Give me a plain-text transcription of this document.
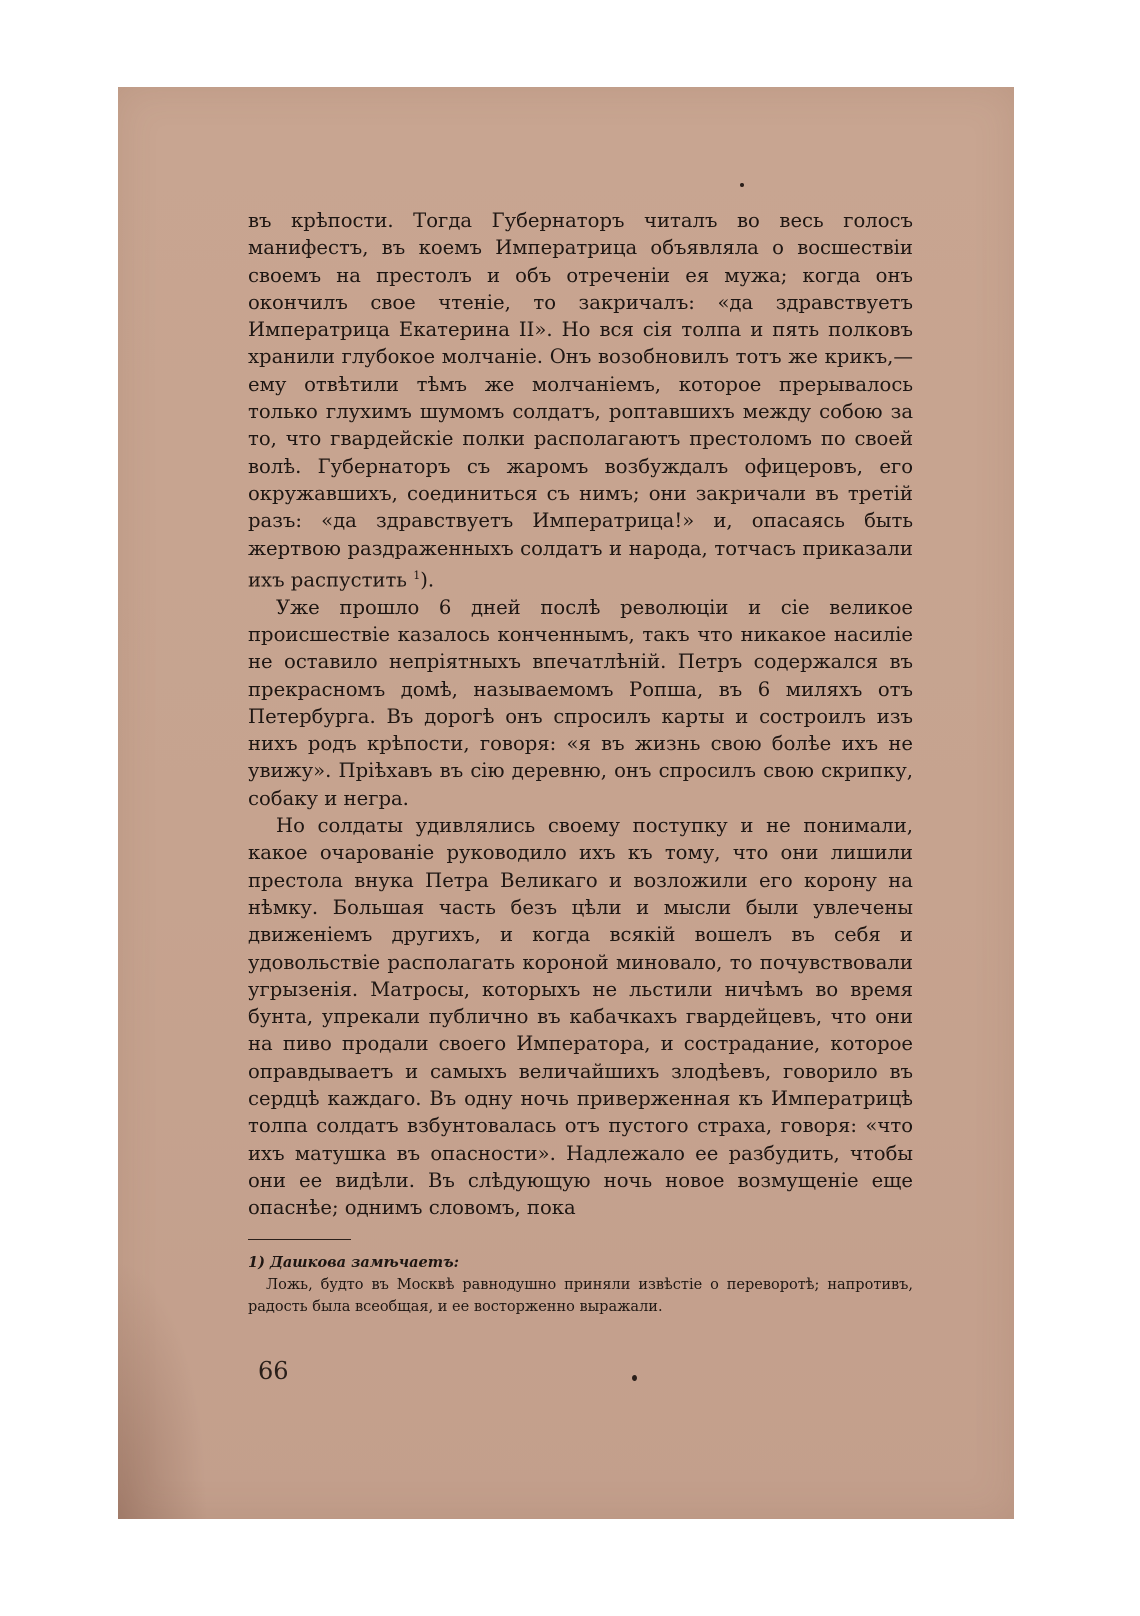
въ крѣпости. Тогда Губернаторъ читалъ во весь голосъ манифестъ, въ коемъ Императрица объявляла о восшествiи своемъ на престолъ и объ отреченiи ея мужа; когда онъ окончилъ свое чтенiе, то закричалъ: «да здравствуетъ Императрица Екатерина II». Но вся сiя толпа и пять полковъ хранили глубокое молчанiе. Онъ возобновилъ тотъ же крикъ,—ему отвѣтили тѣмъ же молчанiемъ, которое прерывалось только глухимъ шумомъ солдатъ, роптавшихъ между собою за то, что гвардейскiе полки располагаютъ престоломъ по своей волѣ. Губернаторъ съ жаромъ возбуждалъ офицеровъ, его окружавшихъ, соединиться съ нимъ; они закричали въ третiй разъ: «да здравствуетъ Императрица!» и, опасаясь быть жертвою раздраженныхъ солдатъ и народа, тотчасъ приказали ихъ распустить $^1$).

Уже прошло 6 дней послѣ революцiи и сiе великое происшествiе казалось конченнымъ, такъ что никакое насилiе не оставило непрiятныхъ впечатлѣнiй. Петръ содержался въ прекрасномъ домѣ, называемомъ Ропша, въ 6 миляхъ отъ Петербурга. Въ дорогѣ онъ спросилъ карты и состроилъ изъ нихъ родъ крѣпости, говоря: «я въ жизнь свою болѣе ихъ не увижу». Прiѣхавъ въ сiю деревню, онъ спросилъ свою скрипку, собаку и негра.

Но солдаты удивлялись своему поступку и не понимали, какое очарованiе руководило ихъ къ тому, что они лишили престола внука Петра Великаго и возложили его корону на нѣмку. Большая часть безъ цѣли и мысли были увлечены движенiемъ другихъ, и когда всякiй вошелъ въ себя и удовольствiе располагать короной миновало, то почувствовали угрызенiя. Матросы, которыхъ не льстили ничѣмъ во время бунта, упрекали публично въ кабачкахъ гвардейцевъ, что они на пиво продали своего Императора, и сострадание, которое оправдываетъ и самыхъ величайшихъ злодѣевъ, говорило въ сердцѣ каждаго. Въ одну ночь приверженная къ Императрицѣ толпа солдатъ взбунтовалась отъ пустого страха, говоря: «что ихъ матушка въ опасности». Надлежало ее разбудить, чтобы они ее видѣли. Въ слѣдующую ночь новое возмущенiе еще опаснѣе; однимъ словомъ, пока

1) Дашкова замѣчаетъ:

Ложь, будто въ Москвѣ равнодушно приняли извѣстiе о переворотѣ; напротивъ, радость была всеобщая, и ее восторженно выражали.

66
